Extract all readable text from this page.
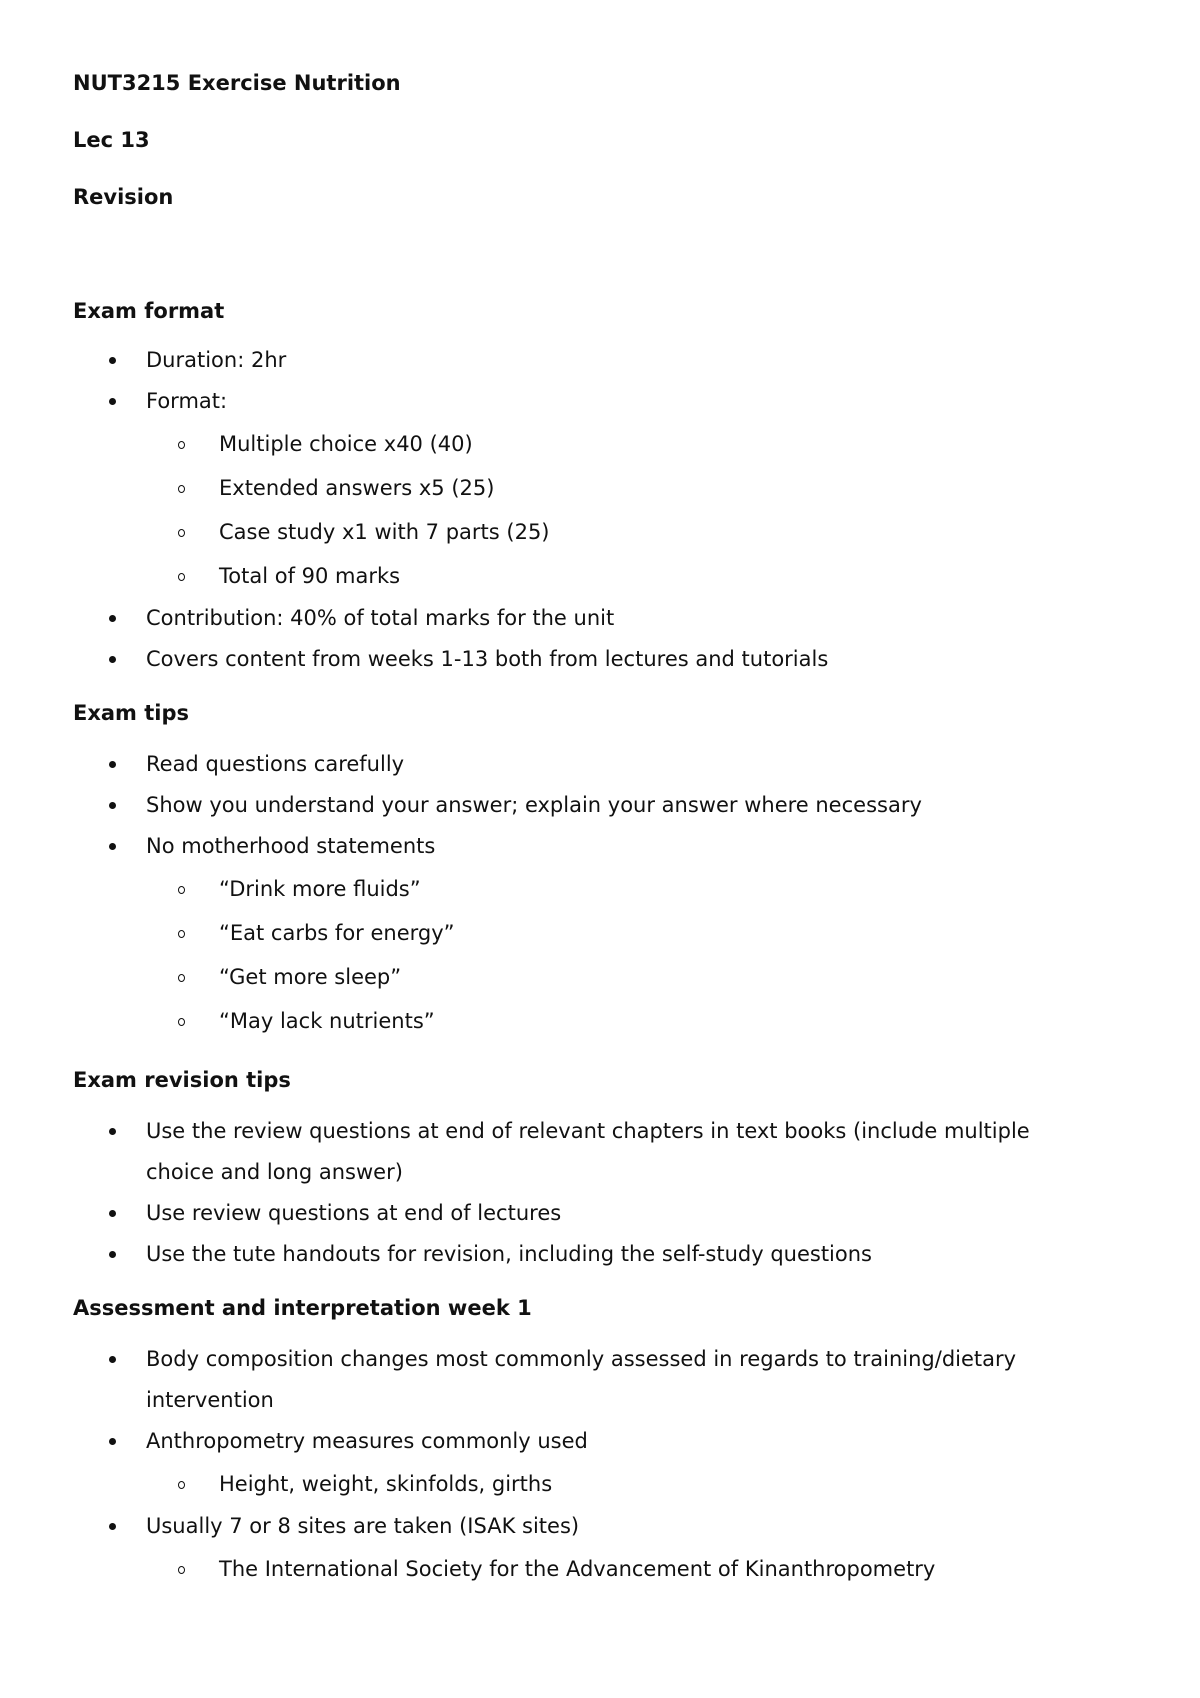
NUT3215 Exercise Nutrition

Lec 13

Revision

Exam format

Duration: 2hr
Format:
Multiple choice x40 (40)
Extended answers x5 (25)
Case study x1 with 7 parts (25)
Total of 90 marks
Contribution: 40% of total marks for the unit
Covers content from weeks 1-13 both from lectures and tutorials

Exam tips

Read questions carefully
Show you understand your answer; explain your answer where necessary
No motherhood statements
“Drink more fluids”
“Eat carbs for energy”
“Get more sleep”
“May lack nutrients”

Exam revision tips

Use the review questions at end of relevant chapters in text books (include multiple choice and long answer)
Use review questions at end of lectures
Use the tute handouts for revision, including the self-study questions

Assessment and interpretation week 1

Body composition changes most commonly assessed in regards to training/dietary intervention
Anthropometry measures commonly used
Height, weight, skinfolds, girths
Usually 7 or 8 sites are taken (ISAK sites)
The International Society for the Advancement of Kinanthropometry
